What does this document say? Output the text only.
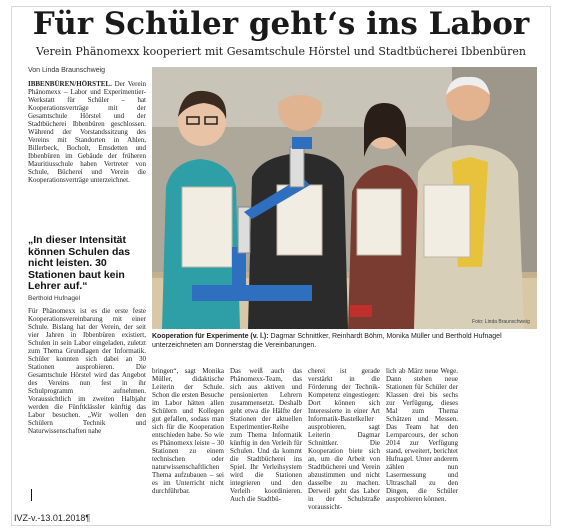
Für Schüler geht‘s ins Labor
Verein Phänomexx kooperiert mit Gesamtschule Hörstel und Stadtbücherei Ibbenbüren
Von Linda Braunschweig

IBBENBÜREN/HÖRSTEL. Der Verein Phänomexx – Labor und Experimentier-Werkstatt für Schüler – hat Kooperationsverträge mit der Gesamtschule Hörstel und der Stadtbücherei Ibbenbüren geschlossen. Während der Vorstandssitzung des Vereins mit Standorten in Ahlen, Billerbeck, Bocholt, Emsdetten und Ibbenbüren im Gebäude der früheren Mauritiusschule haben Vertreter von Schule, Bücherei und Verein die Kooperationsverträge unterzeichnet.

„In dieser Intensität können Schulen das nicht leisten. 30 Stationen baut kein Lehrer auf.“
Berthold Hufnagel

Für Phänomexx ist es die erste feste Kooperationsvereinbarung mit einer Schule. Bislang hat der Verein, der seit vier Jahren in Ibbenbüren existiert, Schulen in sein Labor eingeladen, zuletzt zum Thema Grundlagen der Informatik. Schüler konnten sich dabei an 30 Stationen ausprobieren. Die Gesamtschule Hörstel wird das Angebot des Vereins nun fest in ihr Schulprogramm aufnehmen. Voraussichtlich im zweiten Halbjahr werden die Fünftklässler künftig das Labor besuchen. „Wir wollen den Schülern Technik und Naturwissenschaften nahe

Foto: Linda Braunschweig
Kooperation für Experimente (v. l.): Dagmar Schnittker, Reinhardt Böhm, Monika Müller und Berthold Hufnagel unterzeichneten am Donnerstag die Vereinbarungen.

bringen“, sagt Monika Müller, didaktische Leiterin der Schule. Schon die ersten Besuche im Labor hätten allen Schülern und Kollegen gut gefallen, sodass man sich für die Kooperation entschieden habe. So wie es Phänomexx leiste – 30 Stationen zu einem technischen oder naturwissenschaftlichen Thema aufzubauen – sei es im Unterricht nicht durchführbar.

Das weiß auch das Phänomexx-Team, das sich aus aktiven und pensionierten Lehrern zusammensetzt. Deshalb geht etwa die Hälfte der Stationen der aktuellen Experimentier-Reihe zum Thema Informatik künftig in den Verleih für Schulen. Und da kommt die Stadtbücherei ins Spiel. Ihr Verleihsystem wird die Stationen integrieren und den Verleih koordinieren. Auch die Stadtbü-

cherei ist gerade verstärkt in die Förderung der Technik-Kompetenz eingestiegen: Dort können sich Interessierte in einer Art Informatik-Bastelkeller ausprobieren, sagt Leiterin Dagmar Schnittker. Die Kooperation biete sich an, um die Arbeit von Stadtbücherei und Verein abzustimmen und nicht dasselbe zu machen. Derweil geht das Labor in der Schulstraße voraussicht-

lich ab März neue Wege. Dann stehen neue Stationen für Schüler der Klassen drei bis sechs zur Verfügung, dieses Mal zum Thema Schätzen und Messen. Das Team hat den Lernparcours, der schon 2014 zur Verfügung stand, erweitert, berichtet Hufnagel. Unter anderem zählen nun Lasermessung und Ultraschall zu den Dingen, die Schüler ausprobieren können.

IVZ-v.-13.01.2018¶
